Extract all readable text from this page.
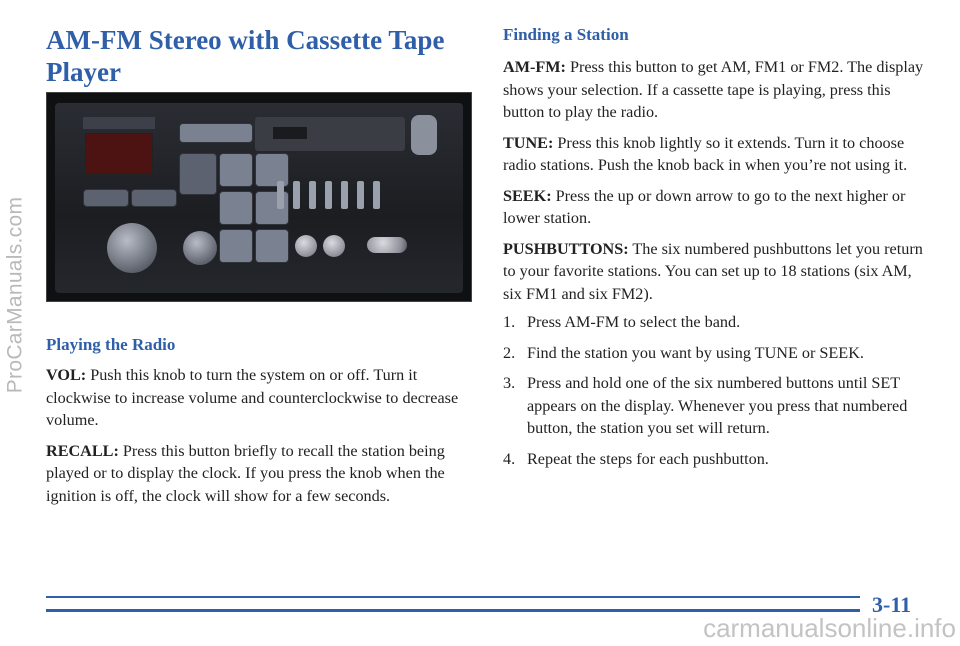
ProCarManuals.com
AM-FM Stereo with Cassette Tape Player

Playing the Radio

VOL: Push this knob to turn the system on or off. Turn it clockwise to increase volume and counterclockwise to decrease volume.

RECALL: Press this button briefly to recall the station being played or to display the clock. If you press the knob when the ignition is off, the clock will show for a few seconds.

Finding a Station

AM-FM: Press this button to get AM, FM1 or FM2. The display shows your selection. If a cassette tape is playing, press this button to play the radio.

TUNE: Press this knob lightly so it extends. Turn it to choose radio stations. Push the knob back in when you’re not using it.

SEEK: Press the up or down arrow to go to the next higher or lower station.

PUSHBUTTONS: The six numbered pushbuttons let you return to your favorite stations. You can set up to 18 stations (six AM, six FM1 and six FM2).

1. Press AM-FM to select the band.
2. Find the station you want by using TUNE or SEEK.
3. Press and hold one of the six numbered buttons until SET appears on the display. Whenever you press that numbered button, the station you set will return.
4. Repeat the steps for each pushbutton.
3-11
carmanualsonline.info
